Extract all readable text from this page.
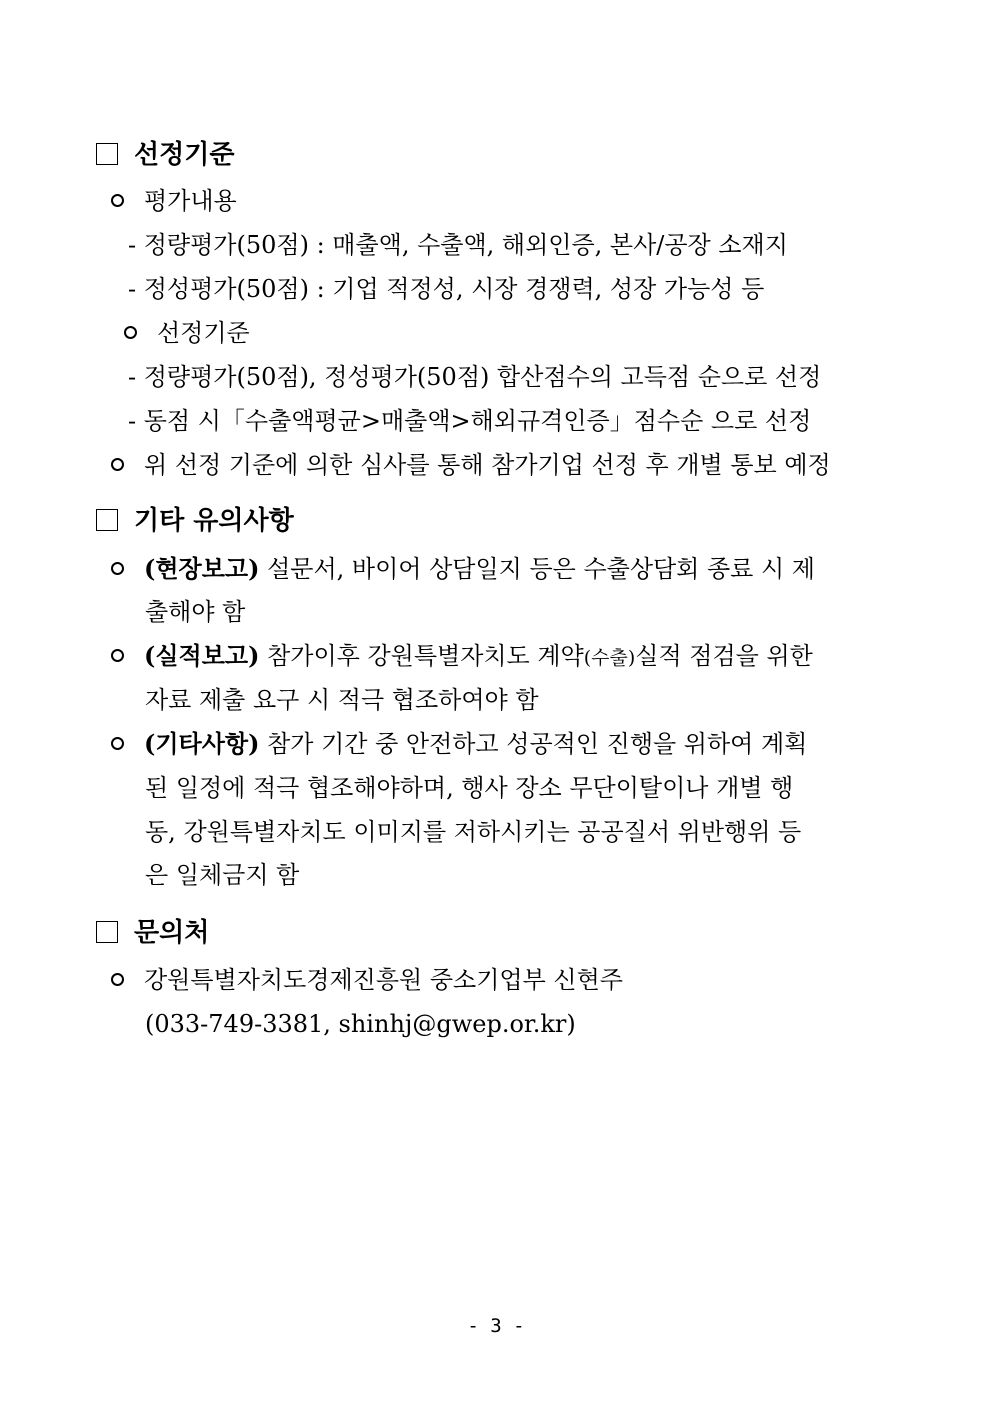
선정기준
평가내용
- 정량평가(50점) : 매출액, 수출액, 해외인증, 본사/공장 소재지
- 정성평가(50점) : 기업 적정성, 시장 경쟁력, 성장 가능성 등
선정기준
- 정량평가(50점), 정성평가(50점) 합산점수의 고득점 순으로 선정
- 동점 시「수출액평균>매출액>해외규격인증」점수순 으로 선정
위 선정 기준에 의한 심사를 통해 참가기업 선정 후 개별 통보 예정
기타 유의사항
(현장보고) 설문서, 바이어 상담일지 등은 수출상담회 종료 시 제
출해야 함
(실적보고) 참가이후 강원특별자치도 계약(수출)실적 점검을 위한
자료 제출 요구 시 적극 협조하여야 함
(기타사항) 참가 기간 중 안전하고 성공적인 진행을 위하여 계획
된 일정에 적극 협조해야하며, 행사 장소 무단이탈이나 개별 행
동, 강원특별자치도 이미지를 저하시키는 공공질서 위반행위 등
은 일체금지 함
문의처
강원특별자치도경제진흥원 중소기업부 신현주
(033-749-3381, shinhj@gwep.or.kr)
- 3 -
